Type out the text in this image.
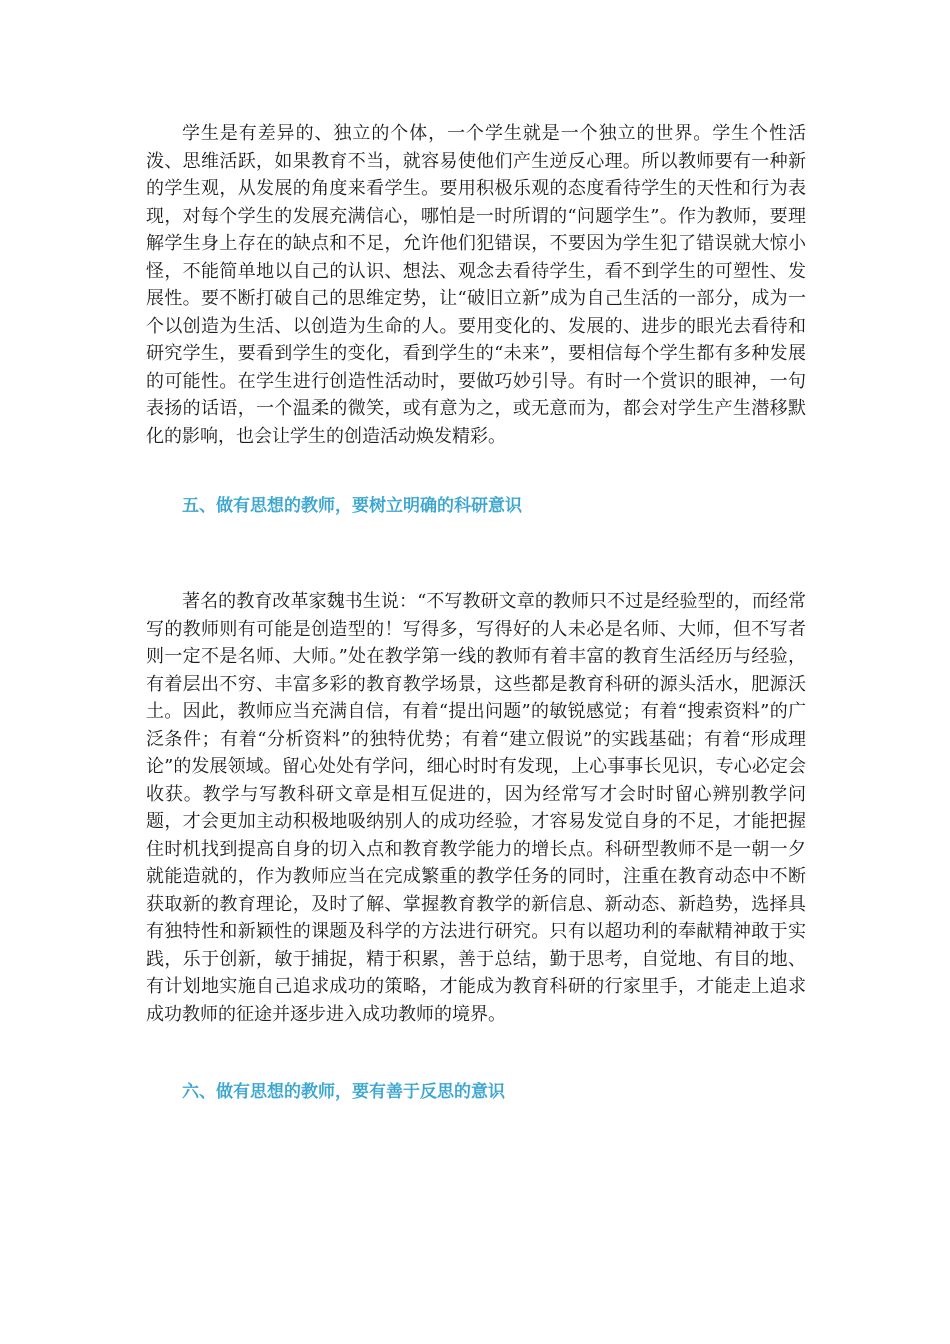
学生是有差异的、独立的个体，一个学生就是一个独立的世界。学生个性活泼、思维活跃，如果教育不当，就容易使他们产生逆反心理。所以教师要有一种新的学生观，从发展的角度来看学生。要用积极乐观的态度看待学生的天性和行为表现，对每个学生的发展充满信心，哪怕是一时所谓的“问题学生”。作为教师，要理解学生身上存在的缺点和不足，允许他们犯错误，不要因为学生犯了错误就大惊小怪，不能简单地以自己的认识、想法、观念去看待学生，看不到学生的可塑性、发展性。要不断打破自己的思维定势，让“破旧立新”成为自己生活的一部分，成为一个以创造为生活、以创造为生命的人。要用变化的、发展的、进步的眼光去看待和研究学生，要看到学生的变化，看到学生的“未来”，要相信每个学生都有多种发展的可能性。在学生进行创造性活动时，要做巧妙引导。有时一个赏识的眼神，一句表扬的话语，一个温柔的微笑，或有意为之，或无意而为，都会对学生产生潜移默化的影响，也会让学生的创造活动焕发精彩。

五、做有思想的教师，要树立明确的科研意识

著名的教育改革家魏书生说：“不写教研文章的教师只不过是经验型的，而经常写的教师则有可能是创造型的！写得多，写得好的人未必是名师、大师，但不写者则一定不是名师、大师。”处在教学第一线的教师有着丰富的教育生活经历与经验，有着层出不穷、丰富多彩的教育教学场景，这些都是教育科研的源头活水，肥源沃土。因此，教师应当充满自信，有着“提出问题”的敏锐感觉；有着“搜索资料”的广泛条件；有着“分析资料”的独特优势；有着“建立假说”的实践基础；有着“形成理论”的发展领域。留心处处有学问，细心时时有发现，上心事事长见识，专心必定会收获。教学与写教科研文章是相互促进的，因为经常写才会时时留心辨别教学问题，才会更加主动积极地吸纳别人的成功经验，才容易发觉自身的不足，才能把握住时机找到提高自身的切入点和教育教学能力的增长点。科研型教师不是一朝一夕就能造就的，作为教师应当在完成繁重的教学任务的同时，注重在教育动态中不断获取新的教育理论，及时了解、掌握教育教学的新信息、新动态、新趋势，选择具有独特性和新颖性的课题及科学的方法进行研究。只有以超功利的奉献精神敢于实践，乐于创新，敏于捕捉，精于积累，善于总结，勤于思考，自觉地、有目的地、有计划地实施自己追求成功的策略，才能成为教育科研的行家里手，才能走上追求成功教师的征途并逐步进入成功教师的境界。

六、做有思想的教师，要有善于反思的意识
